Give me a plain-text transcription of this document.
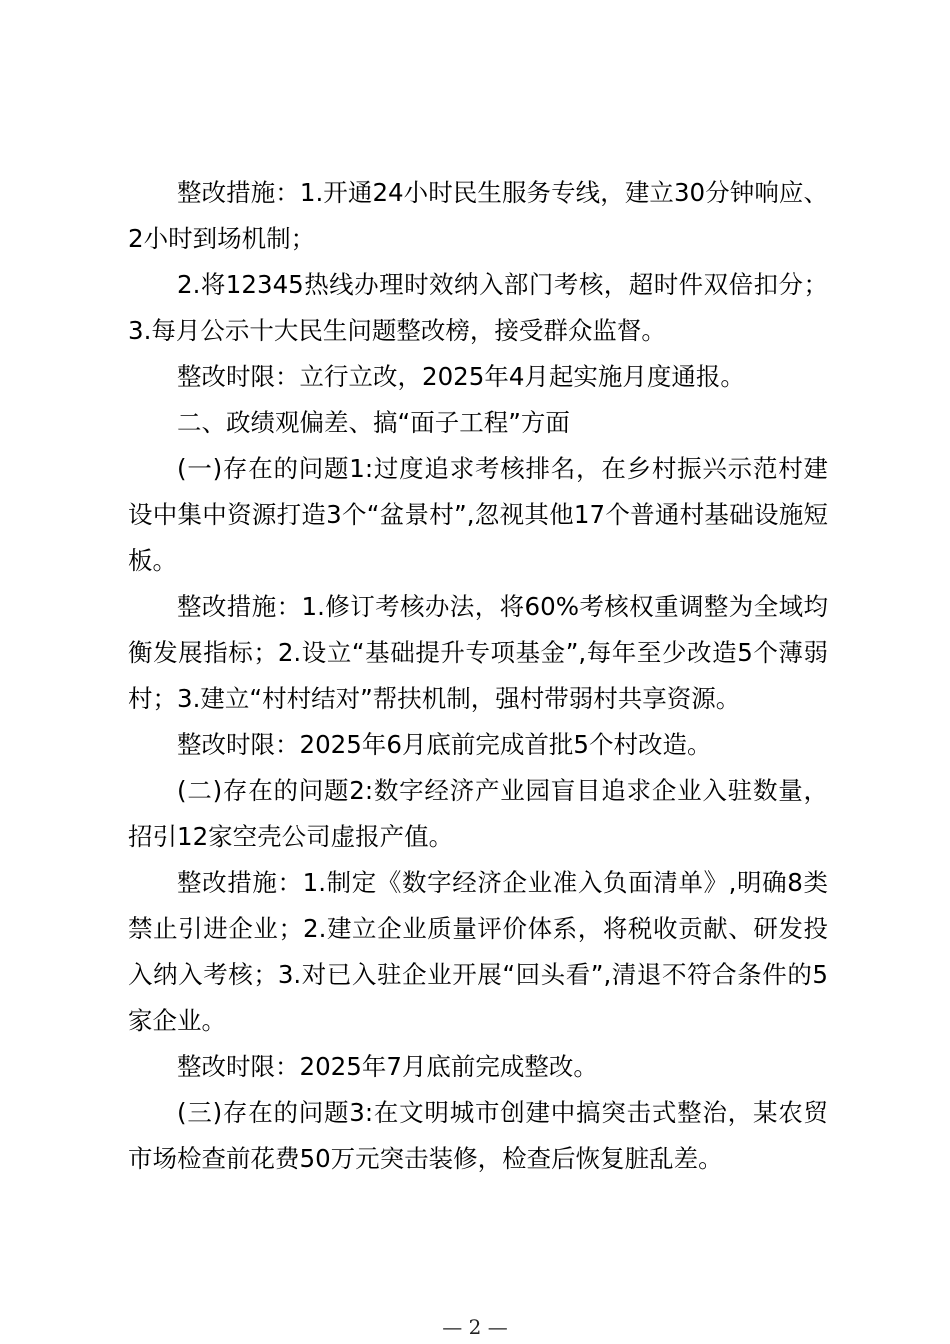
整改措施：1.开通24小时民生服务专线，建立30分钟响应、2小时到场机制；

2.将12345热线办理时效纳入部门考核，超时件双倍扣分；3.每月公示十大民生问题整改榜，接受群众监督。

整改时限：立行立改，2025年4月起实施月度通报。

二、政绩观偏差、搞“面子工程”方面

(一)存在的问题1:过度追求考核排名，在乡村振兴示范村建设中集中资源打造3个“盆景村”,忽视其他17个普通村基础设施短板。

整改措施：1.修订考核办法，将60%考核权重调整为全域均衡发展指标；2.设立“基础提升专项基金”,每年至少改造5个薄弱村；3.建立“村村结对”帮扶机制，强村带弱村共享资源。

整改时限：2025年6月底前完成首批5个村改造。

(二)存在的问题2:数字经济产业园盲目追求企业入驻数量，招引12家空壳公司虚报产值。

整改措施：1.制定《数字经济企业准入负面清单》,明确8类禁止引进企业；2.建立企业质量评价体系，将税收贡献、研发投入纳入考核；3.对已入驻企业开展“回头看”,清退不符合条件的5家企业。

整改时限：2025年7月底前完成整改。

(三)存在的问题3:在文明城市创建中搞突击式整治，某农贸市场检查前花费50万元突击装修，检查后恢复脏乱差。

— 2 —
